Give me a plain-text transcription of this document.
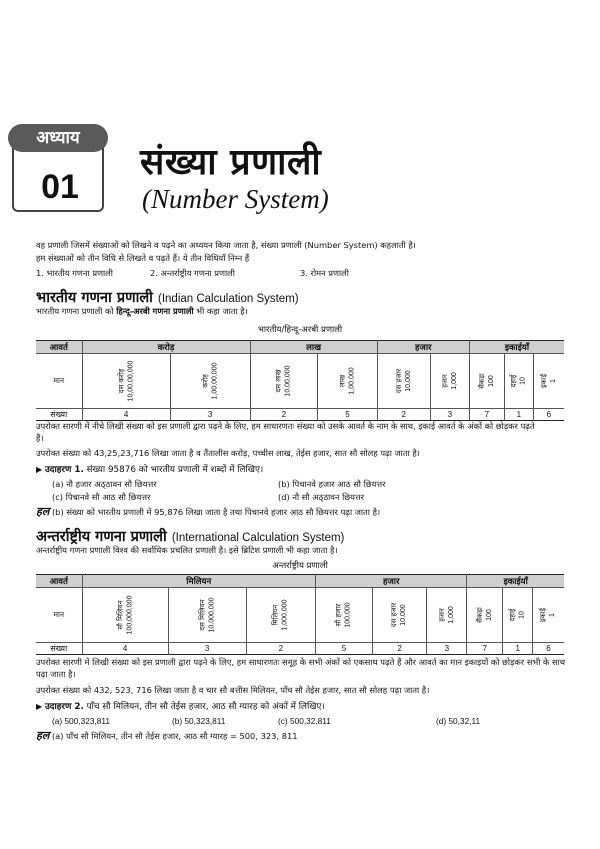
01
अध्याय
संख्या प्रणाली
(Number System)
वह प्रणाली जिसमें संख्याओं को लिखने व पढ़ने का अध्ययन किया जाता है, संख्या प्रणाली (Number System) कहलाती है।
हम संख्याओं को तीन विधि से लिखते व पढ़ते हैं। ये तीन विधियाँ निम्न हैं
1. भारतीय गणना प्रणाली	2. अन्तर्राष्ट्रीय गणना प्रणाली	3. रोमन प्रणाली
भारतीय गणना प्रणाली (Indian Calculation System)
भारतीय गणना प्रणाली को हिन्दू-अरबी गणना प्रणाली भी कहा जाता है।
भारतीय/हिन्दू-अरबी प्रणाली
आवर्त	करोड़		लाख		हजार		इकाईयाँ		
मान	दस करोड़ 10,00,00,000	करोड़ 1,00,00,000	दस लाख 10,00,000	लाख 1,00,000	दस हजार 10,000	हजार 1,000	सैकड़ा 100	दहाई 10	इकाई 1
संख्या	4	3	2	5	2	3	7	1	6
उपरोक्त सारणी में नीचे लिखी संख्या को इस प्रणाली द्वारा पढ़ने के लिए, हम साधारणतः संख्या को उसके आवर्त के नाम के साथ, इकाई आवर्त के अंकों को छोड़कर पढ़ते
हैं।
उपरोक्त संख्या को 43,25,23,716 लिखा जाता है व तैंतालीस करोड़, पच्चीस लाख, तेईस हजार, सात सौ सोलह पढ़ा जाता है।
▶ उदाहरण 1. संख्या 95876 को भारतीय प्रणाली में शब्दों में लिखिए।
(a) नौ हजार अठ्‌ठावन सौ छियत्तर	(b) पिचानवे हजार आठ सौ छियत्तर
(c) पिचानवे सौ आठ सौ छियत्तर	(d) नौ सौ अठ्‌ठावन छियत्तर
हल (b) संख्या को भारतीय प्रणाली में 95,876 लिखा जाता है तथा पिचानवे हजार आठ सौ छियत्तर पढ़ा जाता है।
अन्तर्राष्ट्रीय गणना प्रणाली (International Calculation System)
अन्तर्राष्ट्रीय गणना प्रणाली विश्व की सर्वाधिक प्रचलित प्रणाली है। इसे ब्रिटिश प्रणाली भी कहा जाता है।
अन्तर्राष्ट्रीय प्रणाली
आवर्त	मिलियन			हजार			इकाईयाँ		
मान	सौ मिलियन 100,000,000	दस मिलियन 10,000,000	मिलियन 1,000,000	सौ हजार 100,000	दस हजार 10,000	हजार 1,000	सैकड़ा 100	दहाई 10	इकाई 1
संख्या	4	3	2	5	2	3	7	1	6
उपरोक्त सारणी में लिखी संख्या को इस प्रणाली द्वारा पढ़ने के लिए, हम साधारणतः समूह के सभी अंकों को एकसाथ पढ़ते हैं और आवर्त का मान इकाइयों को छोड़कर सभी के साथ
पढ़ा जाता है।
उपरोक्त संख्या को 432, 523, 716 लिखा जाता है व चार सौ बत्तीस मिलियन, पाँच सौ तेईस हजार, सात सौ सोलह पढ़ा जाता है।
▶ उदाहरण 2. पाँच सौ मिलियन, तीन सौ तेईस हजार, आठ सौ ग्यारह को अंकों में लिखिए।
(a) 500,323,811	(b) 50,323,811	(c) 500,32,811	(d) 50,32,11
हल (a) पाँच सौ मिलियन, तीन सौ तेईस हजार, आठ सौ ग्यारह = 500, 323, 811
